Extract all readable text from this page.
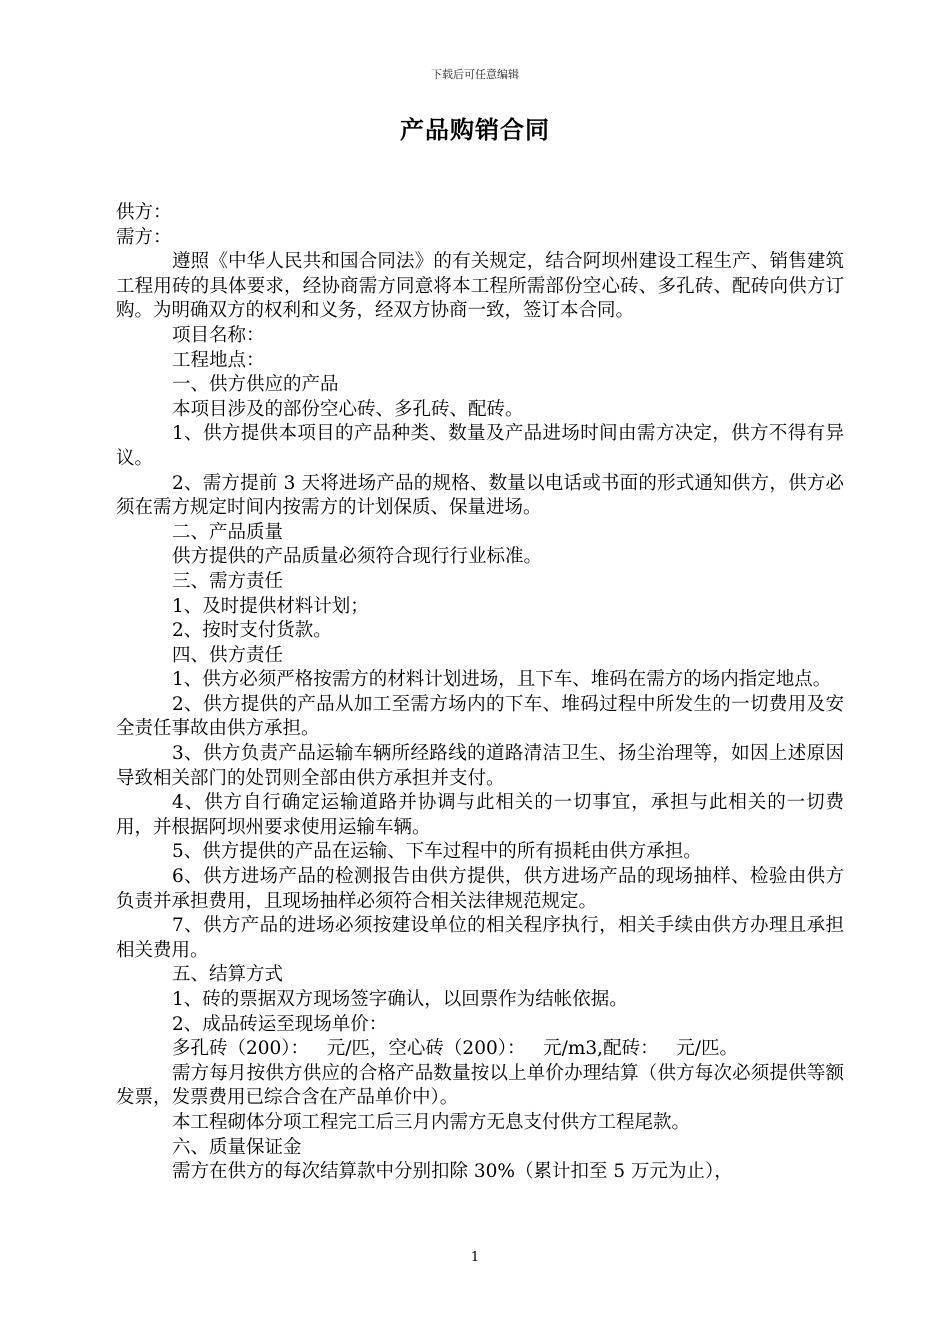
下载后可任意编辑
产品购销合同

供方：

需方：

遵照《中华人民共和国合同法》的有关规定，结合阿坝州建设工程生产、销售建筑工程用砖的具体要求，经协商需方同意将本工程所需部份空心砖、多孔砖、配砖向供方订购。为明确双方的权利和义务，经双方协商一致，签订本合同。

项目名称：

工程地点：

一、供方供应的产品

本项目涉及的部份空心砖、多孔砖、配砖。

1、供方提供本项目的产品种类、数量及产品进场时间由需方决定，供方不得有异议。

2、需方提前 3 天将进场产品的规格、数量以电话或书面的形式通知供方，供方必须在需方规定时间内按需方的计划保质、保量进场。

二、产品质量

供方提供的产品质量必须符合现行行业标准。

三、需方责任

1、及时提供材料计划；

2、按时支付货款。

四、供方责任

1、供方必须严格按需方的材料计划进场，且下车、堆码在需方的场内指定地点。

2、供方提供的产品从加工至需方场内的下车、堆码过程中所发生的一切费用及安全责任事故由供方承担。

3、供方负责产品运输车辆所经路线的道路清洁卫生、扬尘治理等，如因上述原因导致相关部门的处罚则全部由供方承担并支付。

4、供方自行确定运输道路并协调与此相关的一切事宜，承担与此相关的一切费用，并根据阿坝州要求使用运输车辆。

5、供方提供的产品在运输、下车过程中的所有损耗由供方承担。

6、供方进场产品的检测报告由供方提供，供方进场产品的现场抽样、检验由供方负责并承担费用，且现场抽样必须符合相关法律规范规定。

7、供方产品的进场必须按建设单位的相关程序执行，相关手续由供方办理且承担相关费用。

五、结算方式

1、砖的票据双方现场签字确认，以回票作为结帐依据。

2、成品砖运至现场单价：

多孔砖（200）：   元/匹，空心砖（200）：   元/m3,配砖：   元/匹。

需方每月按供方供应的合格产品数量按以上单价办理结算（供方每次必须提供等额发票，发票费用已综合含在产品单价中）。

本工程砌体分项工程完工后三月内需方无息支付供方工程尾款。

六、质量保证金

需方在供方的每次结算款中分别扣除 30%（累计扣至 5 万元为止），

1
